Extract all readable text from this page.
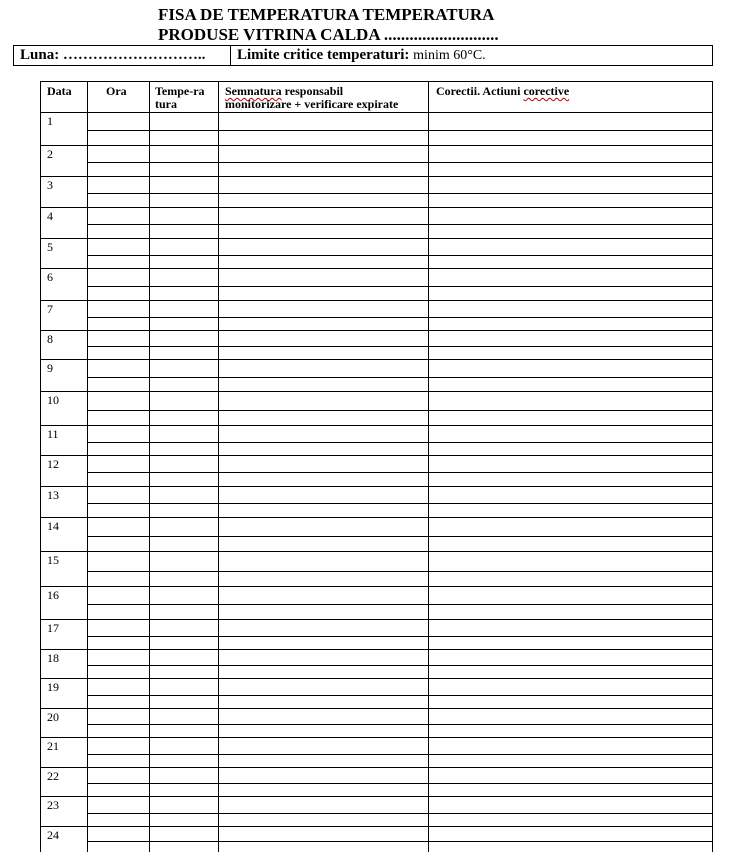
FISA DE TEMPERATURA TEMPERATURA
PRODUSE VITRINA CALDA ...........................
Luna: ……………………….. Limite critice temperaturi: minim 60°C.
Data	Ora Tempe-ra
tura
Semnatura responsabil
monitorizare + verificare expirate
Corectii. Actiuni corective
1
2
3
4
5
6
7
8
9
10
11
12
13
14
15
16
17
18
19
20
21
22
23
24
